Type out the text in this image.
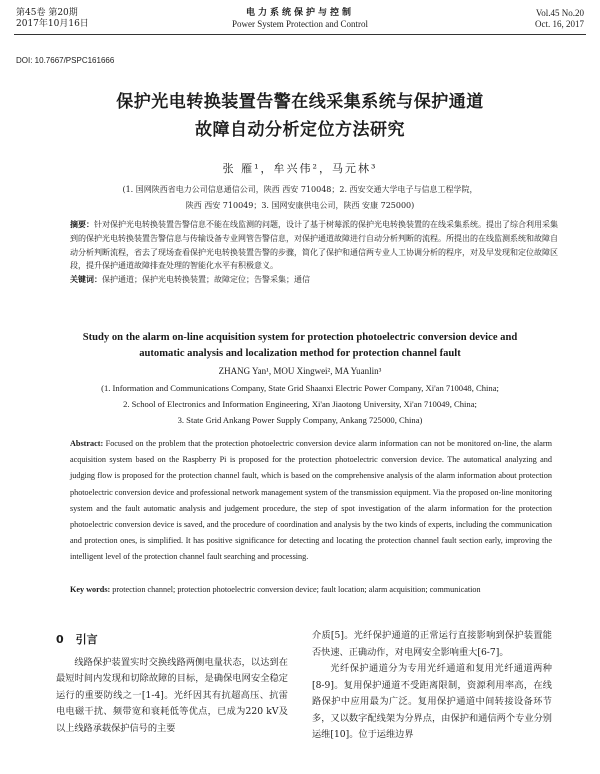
第45卷 第20期
2017年10月16日
电力系统保护与控制
Power System Protection and Control
Vol.45 No.20
Oct. 16, 2017
DOI: 10.7667/PSPC161666
保护光电转换装置告警在线采集系统与保护通道
故障自动分析定位方法研究
张 雁¹，牟兴伟²，马元林³
(1. 国网陕西省电力公司信息通信公司，陕西 西安 710048；2. 西安交通大学电子与信息工程学院，
陕西 西安 710049；3. 国网安康供电公司，陕西 安康 725000)
摘要：针对保护光电转换装置告警信息不能在线监测的问题，设计了基于树莓派的保护光电转换装置的在线采集系统。提出了综合利用采集到的保护光电转换装置告警信息与传输设备专业网管告警信息，对保护通道故障进行自动分析判断的流程。所提出的在线监测系统和故障自动分析判断流程，省去了现场查看保护光电转换装置告警的步骤，简化了保护和通信两专业人工协调分析的程序，对及早发现和定位故障区段，提升保护通道故障排查处理的智能化水平有积极意义。
关键词：保护通道；保护光电转换装置；故障定位；告警采集；通信
Study on the alarm on-line acquisition system for protection photoelectric conversion device and
automatic analysis and localization method for protection channel fault
ZHANG Yan¹, MOU Xingwei², MA Yuanlin³
(1. Information and Communications Company, State Grid Shaanxi Electric Power Company, Xi'an 710048, China;
2. School of Electronics and Information Engineering, Xi'an Jiaotong University, Xi'an 710049, China;
3. State Grid Ankang Power Supply Company, Ankang 725000, China)
Abstract: Focused on the problem that the protection photoelectric conversion device alarm information can not be monitored on-line, the alarm acquisition system based on the Raspberry Pi is proposed for the protection photoelectric conversion device. The automatical analyzing and judging flow is proposed for the protection channel fault, which is based on the comprehensive analysis of the alarm information about protection photoelectric conversion device and professional network management system of the transmission equipment. Via the proposed on-line monitoring system and the fault automatic analysis and judgement procedure, the step of spot investigation of the alarm information for the protection photoelectric conversion device is saved, and the procedure of coordination and analysis by the two kinds of experts, including the communication and protection ones, is simplified. It has positive significance for detecting and locating the protection channel fault section early, improving the intelligent level of the protection channel fault searching and processing.
Key words: protection channel; protection photoelectric conversion device; fault location; alarm acquisition; communication
0 引言

线路保护装置实时交换线路两侧电量状态，以达到在最短时间内发现和切除故障的目标，是确保电网安全稳定运行的重要防线之一[1-4]。光纤因其有抗超高压、抗雷电电磁干扰、频带宽和衰耗低等优点，已成为220 kV及以上线路承载保护信号的主要

介质[5]。光纤保护通道的正常运行直接影响到保护装置能否快速、正确动作，对电网安全影响重大[6-7]。

光纤保护通道分为专用光纤通道和复用光纤通道两种[8-9]。复用保护通道不受距离限制，资源利用率高，在线路保护中应用最为广泛。复用保护通道中间转接设备环节多，又以数字配线架为分界点，由保护和通信两个专业分别运维[10]。位于运维边界
